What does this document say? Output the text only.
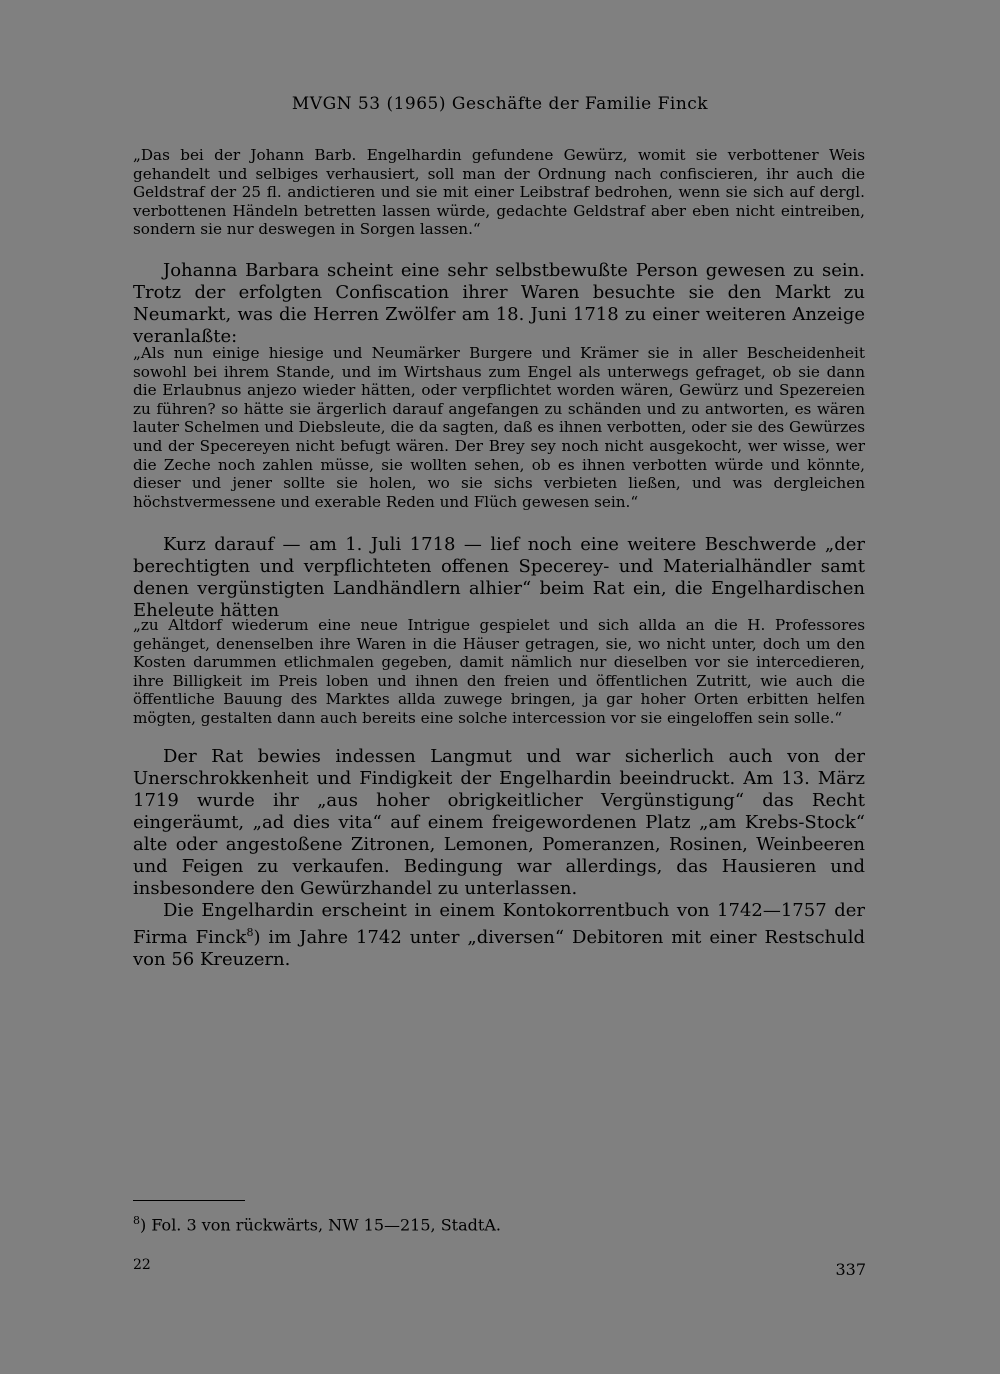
MVGN 53 (1965) Geschäfte der Familie Finck

„Das bei der Johann Barb. Engelhardin gefundene Gewürz, womit sie verbottener Weis gehandelt und selbiges verhausiert, soll man der Ordnung nach confiscieren, ihr auch die Geldstraf der 25 fl. andictieren und sie mit einer Leibstraf bedrohen, wenn sie sich auf dergl. verbottenen Händeln betretten lassen würde, gedachte Geldstraf aber eben nicht eintreiben, sondern sie nur deswegen in Sorgen lassen.“

Johanna Barbara scheint eine sehr selbstbewußte Person gewesen zu sein. Trotz der erfolgten Confiscation ihrer Waren besuchte sie den Markt zu Neumarkt, was die Herren Zwölfer am 18. Juni 1718 zu einer weiteren Anzeige veranlaßte:

„Als nun einige hiesige und Neumärker Burgere und Krämer sie in aller Bescheidenheit sowohl bei ihrem Stande, und im Wirtshaus zum Engel als unterwegs gefraget, ob sie dann die Erlaubnus anjezo wieder hätten, oder verpflichtet worden wären, Gewürz und Spezereien zu führen? so hätte sie ärgerlich darauf angefangen zu schänden und zu antworten, es wären lauter Schelmen und Diebsleute, die da sagten, daß es ihnen verbotten, oder sie des Gewürzes und der Specereyen nicht befugt wären. Der Brey sey noch nicht ausgekocht, wer wisse, wer die Zeche noch zahlen müsse, sie wollten sehen, ob es ihnen verbotten würde und könnte, dieser und jener sollte sie holen, wo sie sichs verbieten ließen, und was dergleichen höchstvermessene und exerable Reden und Flüch gewesen sein.“

Kurz darauf — am 1. Juli 1718 — lief noch eine weitere Beschwerde „der berechtigten und verpflichteten offenen Specerey- und Materialhändler samt denen vergünstigten Landhändlern alhier“ beim Rat ein, die Engelhardischen Eheleute hätten

„zu Altdorf wiederum eine neue Intrigue gespielet und sich allda an die H. Professores gehänget, denenselben ihre Waren in die Häuser getragen, sie, wo nicht unter, doch um den Kosten darummen etlichmalen gegeben, damit nämlich nur dieselben vor sie intercedieren, ihre Billigkeit im Preis loben und ihnen den freien und öffentlichen Zutritt, wie auch die öffentliche Bauung des Marktes allda zuwege bringen, ja gar hoher Orten erbitten helfen mögten, gestalten dann auch bereits eine solche intercession vor sie eingeloffen sein solle.“

Der Rat bewies indessen Langmut und war sicherlich auch von der Unerschrokkenheit und Findigkeit der Engelhardin beeindruckt. Am 13. März 1719 wurde ihr „aus hoher obrigkeitlicher Vergünstigung“ das Recht eingeräumt, „ad dies vita“ auf einem freigewordenen Platz „am Krebs-Stock“ alte oder angestoßene Zitronen, Lemonen, Pomeranzen, Rosinen, Weinbeeren und Feigen zu verkaufen. Bedingung war allerdings, das Hausieren und insbesondere den Gewürzhandel zu unterlassen.

Die Engelhardin erscheint in einem Kontokorrentbuch von 1742—1757 der Firma Finck$^8$) im Jahre 1742 unter „diversen“ Debitoren mit einer Restschuld von 56 Kreuzern.

$^8$) Fol. 3 von rückwärts, NW 15—215, StadtA.
22	337
